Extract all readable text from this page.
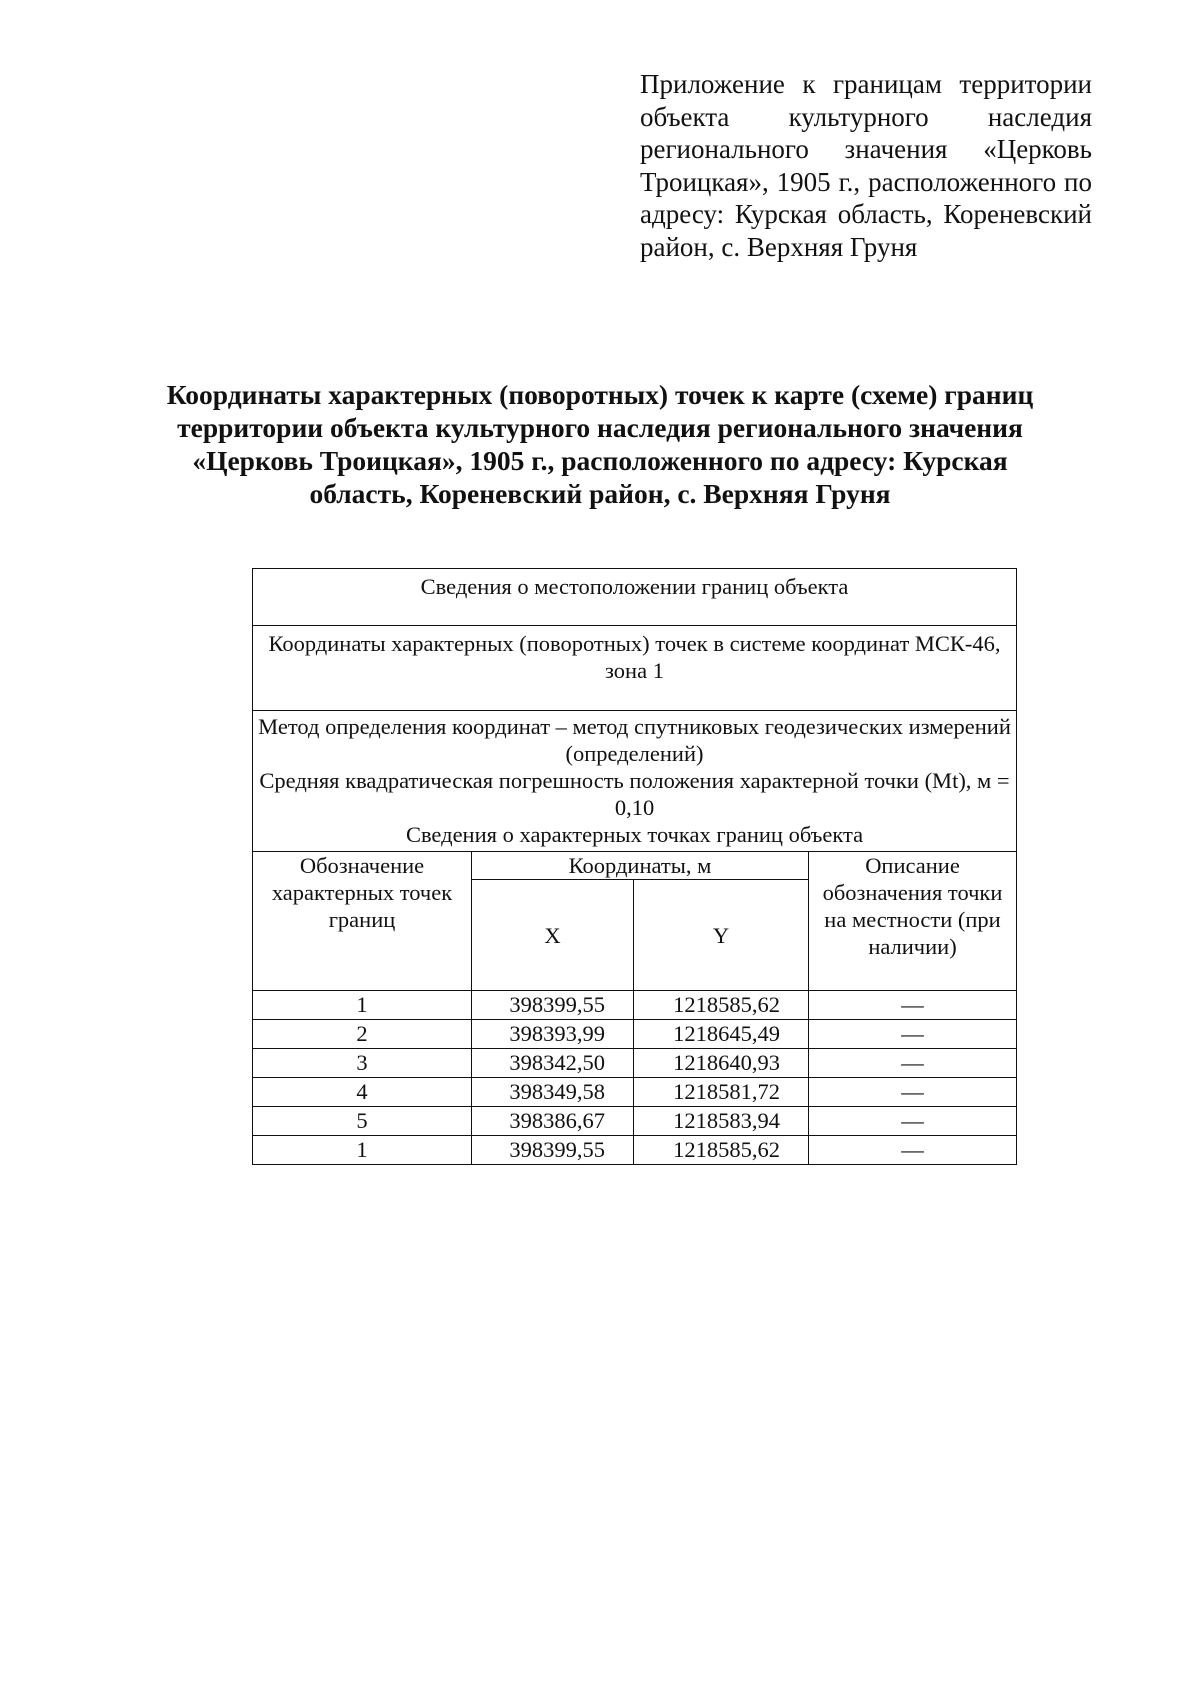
Приложение к границам территории объекта культурного наследия регионального значения «Церковь Троицкая», 1905 г., расположенного по адресу: Курская область, Кореневский район, с. Верхняя Груня

Координаты характерных (поворотных) точек к карте (схеме) границ территории объекта культурного наследия регионального значения «Церковь Троицкая», 1905 г., расположенного по адресу: Курская область, Кореневский район, с. Верхняя Груня

Сведения о местоположении границ объекта			
Координаты характерных (поворотных) точек в системе координат МСК-46, зона 1			

Метод определения координат – метод спутниковых геодезических измерений (определений)
Средняя квадратическая погрешность положения характерной точки (Mt), м = 0,10
Сведения о характерных точках границ объекта			

Обозначение характерных точек границ	Координаты, м		Описание обозначения точки на местности (при наличии)
	X	Y	
1	398399,55	1218585,62	—
2	398393,99	1218645,49	—
3	398342,50	1218640,93	—
4	398349,58	1218581,72	—
5	398386,67	1218583,94	—
1	398399,55	1218585,62	—
